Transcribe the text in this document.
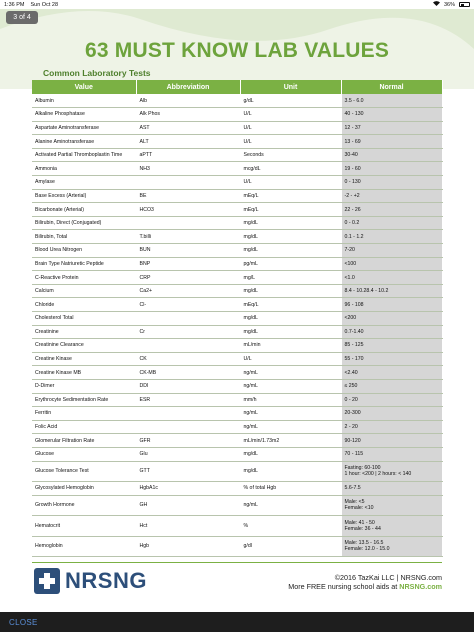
1:36 PM Sun Oct 28	36%
3 of 4
63 MUST KNOW LAB VALUES
Common Laboratory Tests
Value	Abbreviation	Unit	Normal
Albumin	Alb	g/dL	3.5 - 6.0
Alkaline Phosphatase	Alk Phos	U/L	40 - 130
Aspartate Aminotransferase	AST	U/L	12 - 37
Alanine Aminotransferase	ALT	U/L	13 - 69
Activated Partial Thromboplastin Time	aPTT	Seconds	30-40
Ammonia	NH3	mcg/dL	19 - 60
Amylase		U/L	0 - 130
Base Excess (Arterial)	BE	mEq/L	-2 - +2
Bicarbonate (Arterial)	HCO3	mEq/L	22 - 26
Bilirubin, Direct (Conjugated)		mg/dL	0 - 0.2
Bilirubin, Total	T.billi	mg/dL	0.1 - 1.2
Blood Urea Nitrogen	BUN	mg/dL	7-20
Brain Type Natriuretic Peptide	BNP	pg/mL	<100
C-Reactive Protein	CRP	mg/L	<1.0
Calcium	Ca2+	mg/dL	8.4 - 10.28.4 - 10.2
Chloride	Cl-	mEq/L	96 - 108
Cholesterol Total		mg/dL	<200
Creatinine	Cr	mg/dL	0.7-1.40
Creatinine Clearance		mL/min	85 - 125
Creatine Kinase	CK	U/L	55 - 170
Creatine Kinase MB	CK-MB	ng/mL	<2.40
D-Dimer	DDI	ng/mL	≤ 250
Erythrocyte Sedimentation Rate	ESR	mm/h	0 - 20
Ferritin		ng/mL	20-300
Folic Acid		ng/mL	2 - 20
Glomerular Filtration Rate	GFR	mL/min/1.73m2	90-120
Glucose	Glu	mg/dL	70 - 115
Glucose Tolerance Test	GTT	mg/dL	Fasting: 60-100
1 hour: <200 | 2 hours: < 140
Glycosylated Hemoglobin	HgbA1c	% of total Hgb	5.6-7.5
Growth Hormone	GH	ng/mL	Male: <5
Female: <10
Hematocrit	Hct	%	Male: 41 - 50
Female: 36 - 44
Hemoglobin	Hgb	g/dl	Male: 13.5 - 16.5
Female: 12.0 - 15.0
NRSNG	©2016 TazKai LLC | NRSNG.com
More FREE nursing school aids at NRSNG.com
CLOSE
